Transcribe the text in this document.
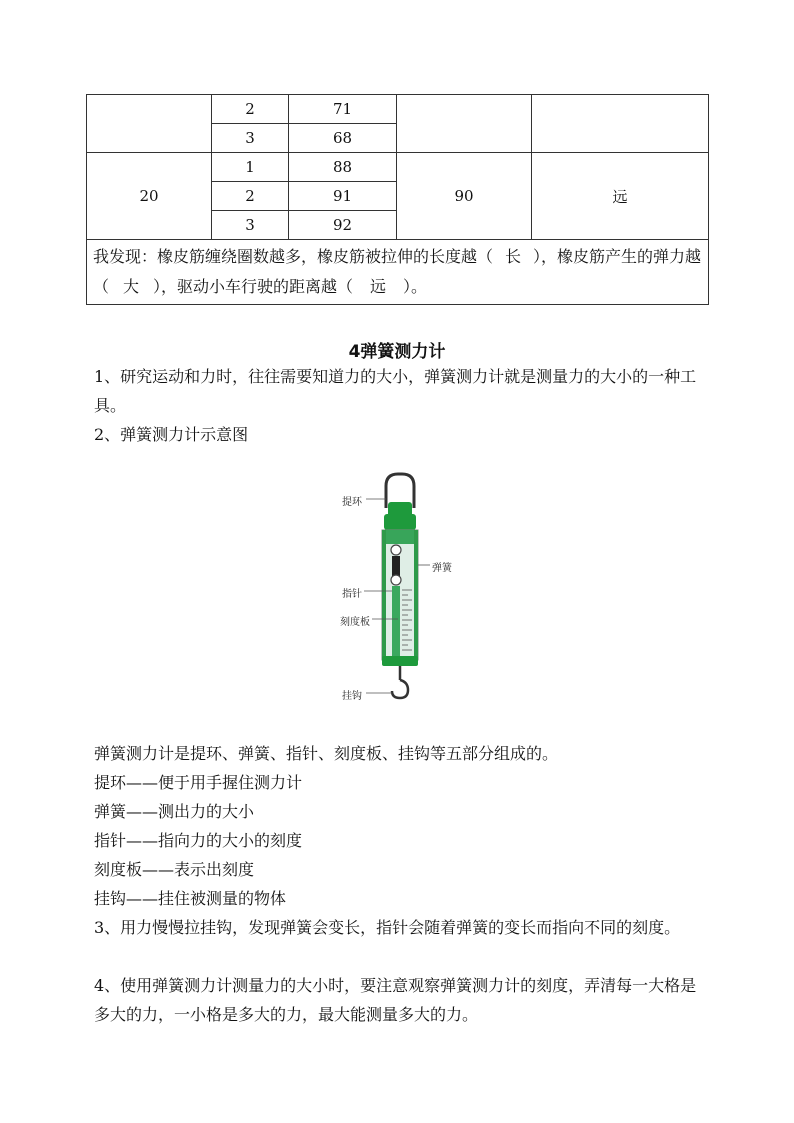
	2	71		
	3	68		
20	1	88	90	远
	2	91		
	3	92		
我发现：橡皮筋缠绕圈数越多，橡皮筋被拉伸的长度越（ 长 ），橡皮筋产生的弹力越（ 大 ），驱动小车行驶的距离越（ 远 ）。				
4弹簧测力计
1、研究运动和力时，往往需要知道力的大小，弹簧测力计就是测量力的大小的一种工具。
2、弹簧测力计示意图
提环
弹簧
指针
刻度板
挂钩
弹簧测力计是提环、弹簧、指针、刻度板、挂钩等五部分组成的。
提环——便于用手握住测力计
弹簧——测出力的大小
指针——指向力的大小的刻度
刻度板——表示出刻度
挂钩——挂住被测量的物体
3、用力慢慢拉挂钩，发现弹簧会变长，指针会随着弹簧的变长而指向不同的刻度。
4、使用弹簧测力计测量力的大小时，要注意观察弹簧测力计的刻度，弄清每一大格是多大的力，一小格是多大的力，最大能测量多大的力。
